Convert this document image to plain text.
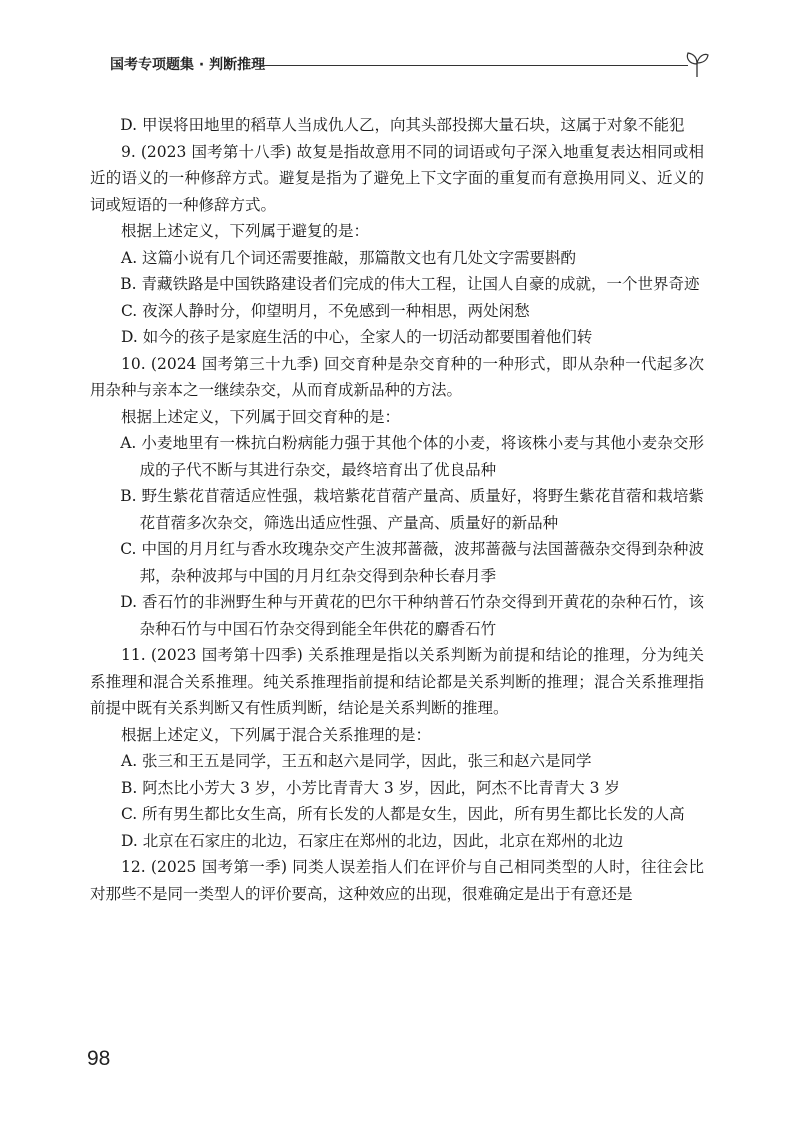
国考专项题集 · 判断推理

D. 甲误将田地里的稻草人当成仇人乙，向其头部投掷大量石块，这属于对象不能犯

9. (2023 国考第十八季) 故复是指故意用不同的词语或句子深入地重复表达相同或相近的语义的一种修辞方式。避复是指为了避免上下文字面的重复而有意换用同义、近义的词或短语的一种修辞方式。

根据上述定义，下列属于避复的是：

A. 这篇小说有几个词还需要推敲，那篇散文也有几处文字需要斟酌

B. 青藏铁路是中国铁路建设者们完成的伟大工程，让国人自豪的成就，一个世界奇迹

C. 夜深人静时分，仰望明月，不免感到一种相思，两处闲愁

D. 如今的孩子是家庭生活的中心，全家人的一切活动都要围着他们转

10. (2024 国考第三十九季) 回交育种是杂交育种的一种形式，即从杂种一代起多次用杂种与亲本之一继续杂交，从而育成新品种的方法。

根据上述定义，下列属于回交育种的是：

A. 小麦地里有一株抗白粉病能力强于其他个体的小麦，将该株小麦与其他小麦杂交形成的子代不断与其进行杂交，最终培育出了优良品种

B. 野生紫花苜蓿适应性强，栽培紫花苜蓿产量高、质量好，将野生紫花苜蓿和栽培紫花苜蓿多次杂交，筛选出适应性强、产量高、质量好的新品种

C. 中国的月月红与香水玫瑰杂交产生波邦蔷薇，波邦蔷薇与法国蔷薇杂交得到杂种波邦，杂种波邦与中国的月月红杂交得到杂种长春月季

D. 香石竹的非洲野生种与开黄花的巴尔干种纳普石竹杂交得到开黄花的杂种石竹，该杂种石竹与中国石竹杂交得到能全年供花的麝香石竹

11. (2023 国考第十四季) 关系推理是指以关系判断为前提和结论的推理，分为纯关系推理和混合关系推理。纯关系推理指前提和结论都是关系判断的推理；混合关系推理指前提中既有关系判断又有性质判断，结论是关系判断的推理。

根据上述定义，下列属于混合关系推理的是：

A. 张三和王五是同学，王五和赵六是同学，因此，张三和赵六是同学

B. 阿杰比小芳大 3 岁，小芳比青青大 3 岁，因此，阿杰不比青青大 3 岁

C. 所有男生都比女生高，所有长发的人都是女生，因此，所有男生都比长发的人高

D. 北京在石家庄的北边，石家庄在郑州的北边，因此，北京在郑州的北边

12. (2025 国考第一季) 同类人误差指人们在评价与自己相同类型的人时，往往会比对那些不是同一类型人的评价要高，这种效应的出现，很难确定是出于有意还是

98
